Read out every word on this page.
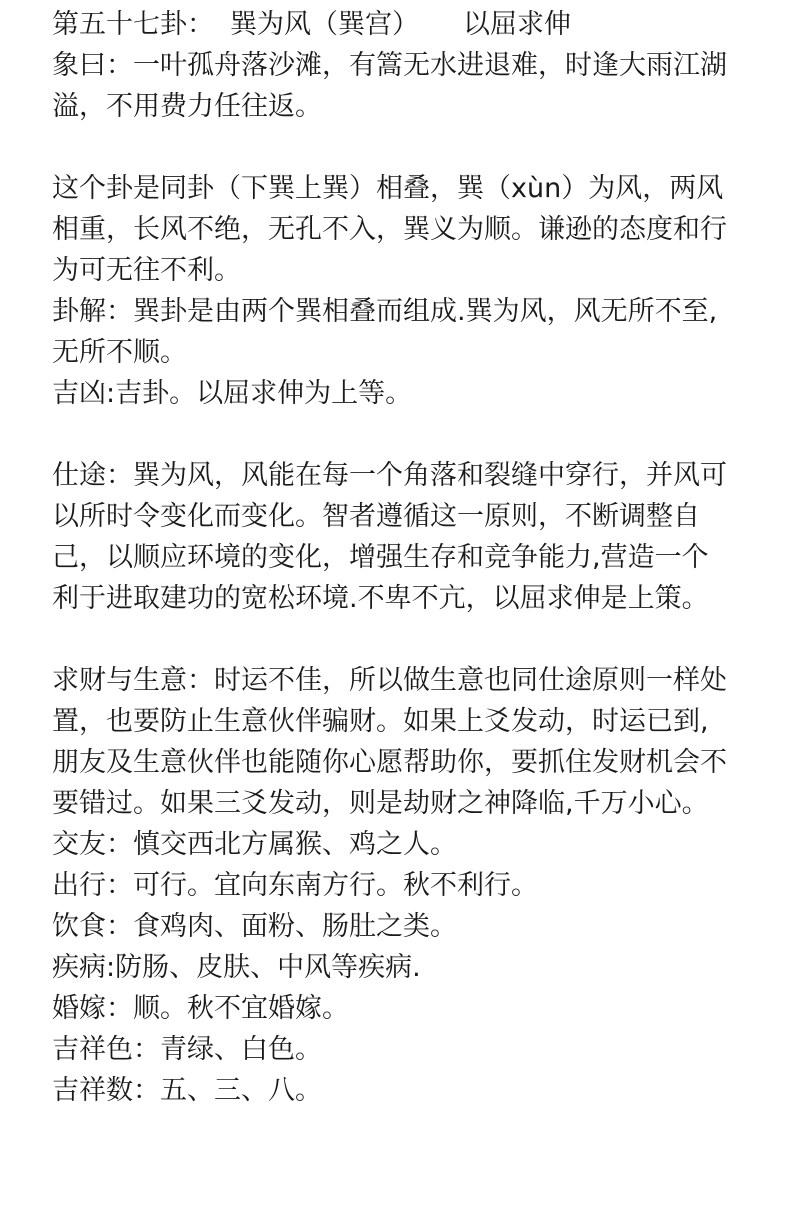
第五十七卦： 巽为风（巽宫） 以屈求伸
象曰：一叶孤舟落沙滩，有篙无水进退难，时逢大雨江湖
溢，不用费力任往返。
这个卦是同卦（下巽上巽）相叠，巽（xùn）为风，两风
相重，长风不绝，无孔不入，巽义为顺。谦逊的态度和行
为可无往不利。
卦解：巽卦是由两个巽相叠而组成.巽为风，风无所不至,
无所不顺。
吉凶:吉卦。以屈求伸为上等。
仕途：巽为风，风能在每一个角落和裂缝中穿行，并风可
以所时令变化而变化。智者遵循这一原则，不断调整自
己，以顺应环境的变化，增强生存和竞争能力,营造一个
利于进取建功的宽松环境.不卑不亢，以屈求伸是上策。
求财与生意：时运不佳，所以做生意也同仕途原则一样处
置，也要防止生意伙伴骗财。如果上爻发动，时运已到,
朋友及生意伙伴也能随你心愿帮助你，要抓住发财机会不
要错过。如果三爻发动，则是劫财之神降临,千万小心。
交友：慎交西北方属猴、鸡之人。
出行：可行。宜向东南方行。秋不利行。
饮食：食鸡肉、面粉、肠肚之类。
疾病:防肠、皮肤、中风等疾病.
婚嫁：顺。秋不宜婚嫁。
吉祥色：青绿、白色。
吉祥数：五、三、八。
